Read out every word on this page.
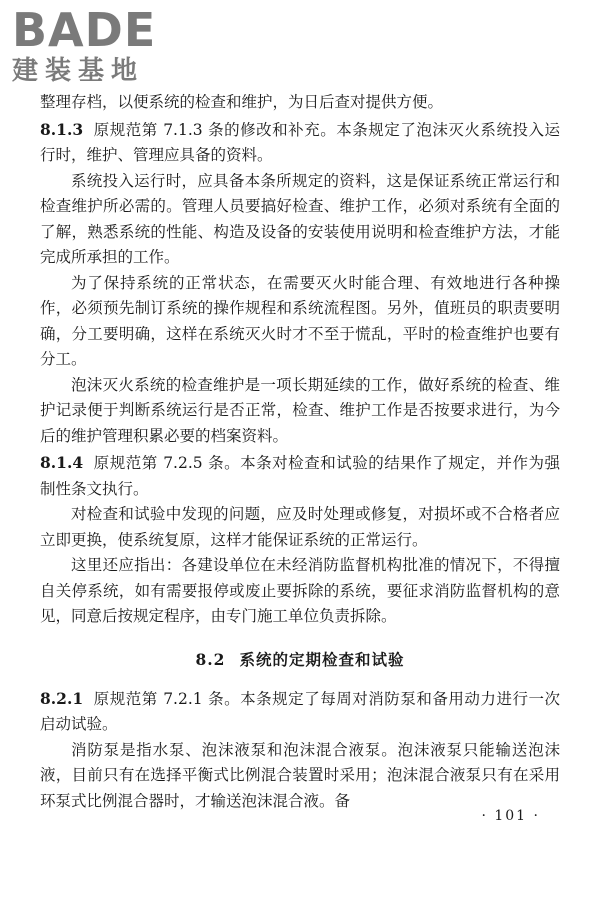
BADE
建装基地

整理存档，以便系统的检查和维护，为日后查对提供方便。

8.1.3 原规范第 7.1.3 条的修改和补充。本条规定了泡沫灭火系统投入运行时，维护、管理应具备的资料。

系统投入运行时，应具备本条所规定的资料，这是保证系统正常运行和检查维护所必需的。管理人员要搞好检查、维护工作，必须对系统有全面的了解，熟悉系统的性能、构造及设备的安装使用说明和检查维护方法，才能完成所承担的工作。

为了保持系统的正常状态，在需要灭火时能合理、有效地进行各种操作，必须预先制订系统的操作规程和系统流程图。另外，值班员的职责要明确，分工要明确，这样在系统灭火时才不至于慌乱，平时的检查维护也要有分工。

泡沫灭火系统的检查维护是一项长期延续的工作，做好系统的检查、维护记录便于判断系统运行是否正常，检查、维护工作是否按要求进行，为今后的维护管理积累必要的档案资料。

8.1.4 原规范第 7.2.5 条。本条对检查和试验的结果作了规定，并作为强制性条文执行。

对检查和试验中发现的问题，应及时处理或修复，对损坏或不合格者应立即更换，使系统复原，这样才能保证系统的正常运行。

这里还应指出：各建设单位在未经消防监督机构批准的情况下，不得擅自关停系统，如有需要报停或废止要拆除的系统，要征求消防监督机构的意见，同意后按规定程序，由专门施工单位负责拆除。

8.2 系统的定期检查和试验

8.2.1 原规范第 7.2.1 条。本条规定了每周对消防泵和备用动力进行一次启动试验。

消防泵是指水泵、泡沫液泵和泡沫混合液泵。泡沫液泵只能输送泡沫液，目前只有在选择平衡式比例混合装置时采用；泡沫混合液泵只有在采用环泵式比例混合器时，才输送泡沫混合液。备

· 101 ·
